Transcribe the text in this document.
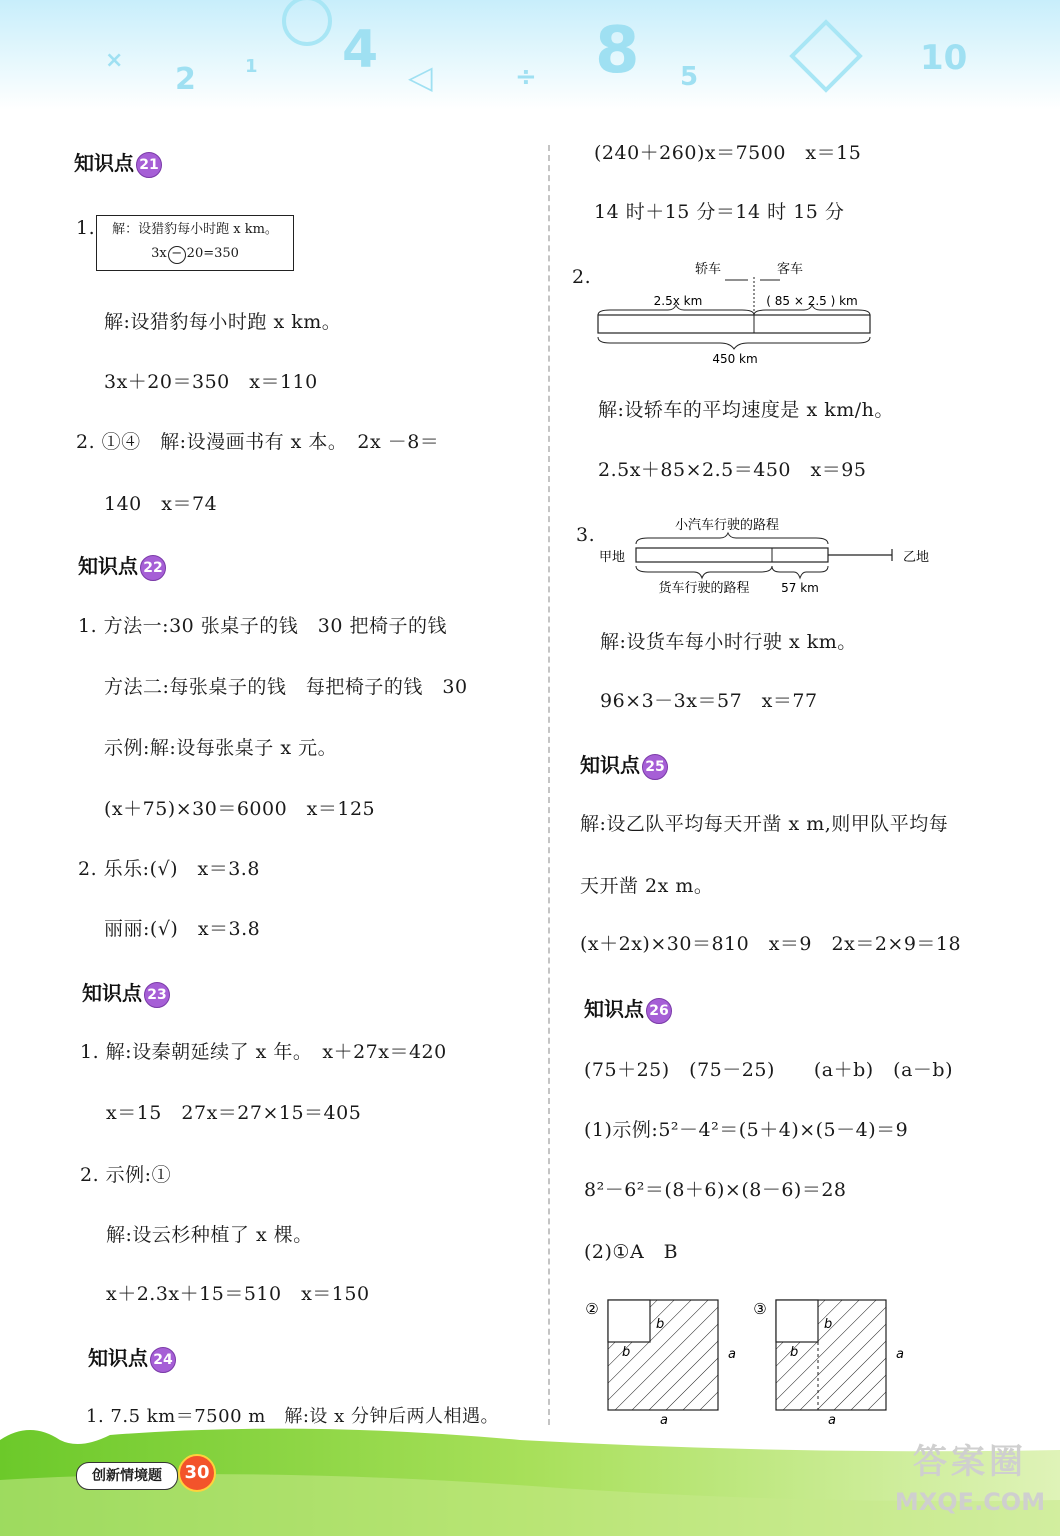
×
2	1 4 ◁	÷ 8 5	10
知识点 21
1.	解：设猎豹每小时跑 x km。
3x − 20=350
解:设猎豹每小时跑 x km。
3x＋20＝350　x＝110
2. ①④　解:设漫画书有 x 本。　2x －8＝
140　x＝74
知识点 22
1. 方法一:30 张桌子的钱　30 把椅子的钱
方法二:每张桌子的钱　每把椅子的钱　30
示例:解:设每张桌子 x 元。
(x＋75)×30＝6000　x＝125
2. 乐乐:(√)　x＝3.8
丽丽:(√)　x＝3.8
知识点 23
1. 解:设秦朝延续了 x 年。　x＋27x＝420
x＝15　27x＝27×15＝405
2. 示例:①
解:设云杉种植了 x 棵。
x＋2.3x＋15＝510　x＝150
知识点 24
1. 7.5 km＝7500 m　解:设 x 分钟后两人相遇。
(240＋260)x＝7500　x＝15
14 时＋15 分＝14 时 15 分
2.	轿车	客车
2.5x km	( 85 × 2.5 ) km
450 km
解:设轿车的平均速度是 x km/h。
2.5x＋85×2.5＝450　x＝95
3.	小汽车行驶的路程
甲地	乙地
货车行驶的路程	57 km
解:设货车每小时行驶 x km。
96×3－3x＝57　x＝77
知识点 25
解:设乙队平均每天开凿 x m,则甲队平均每
天开凿 2x m。
(x＋2x)×30＝810　x＝9　2x＝2×9＝18
知识点 26
(75＋25)　(75－25)　　(a＋b)　(a－b)
(1)示例:5²－4²＝(5＋4)×(5－4)＝9
8²－6²＝(8＋6)×(8－6)＝28
(2)①A　B
②
b
b	a
a
③
b
b	a
a
创新情境题	30	答案圈
MXQE.COM
